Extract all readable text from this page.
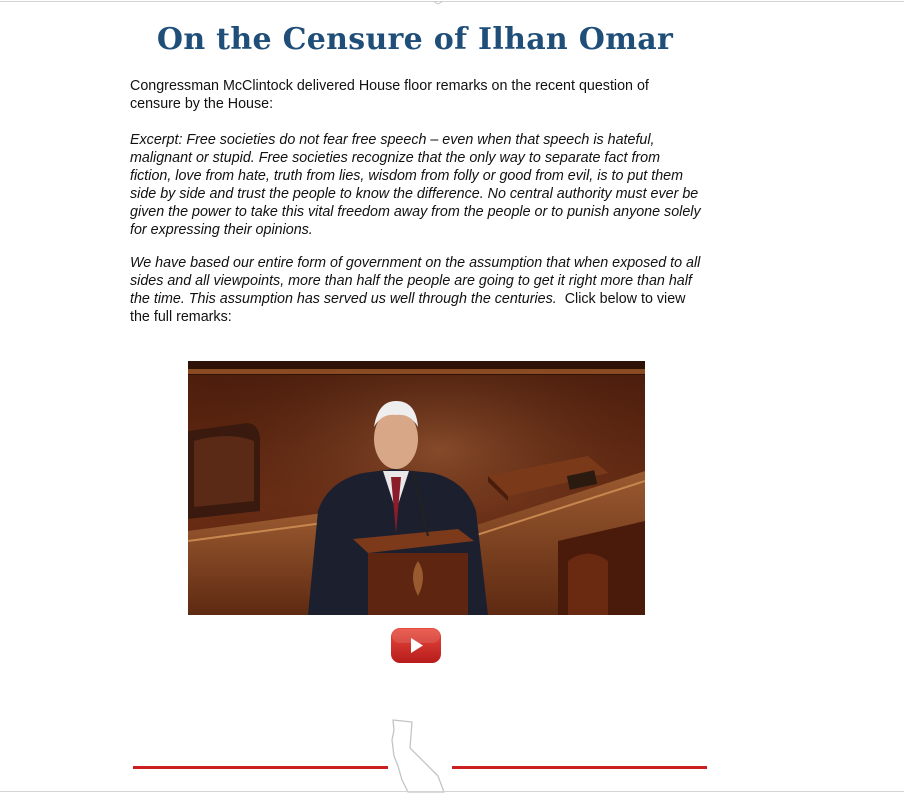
On the Censure of Ilhan Omar

Congressman McClintock delivered House floor remarks on the recent question of censure by the House:

Excerpt: Free societies do not fear free speech – even when that speech is hateful, malignant or stupid. Free societies recognize that the only way to separate fact from fiction, love from hate, truth from lies, wisdom from folly or good from evil, is to put them side by side and trust the people to know the difference. No central authority must ever be given the power to take this vital freedom away from the people or to punish anyone solely for expressing their opinions.

We have based our entire form of government on the assumption that when exposed to all sides and all viewpoints, more than half the people are going to get it right more than half the time. This assumption has served us well through the centuries. Click below to view the full remarks:
